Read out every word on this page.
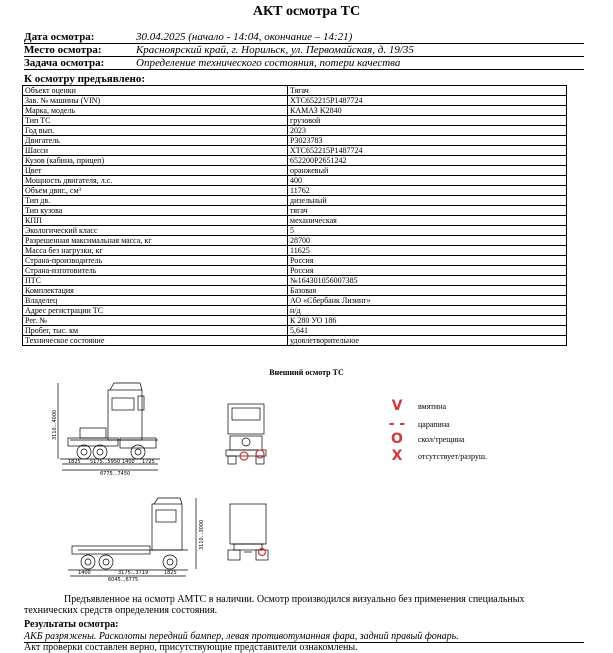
АКТ осмотра ТС
Дата осмотра:	30.04.2025 (начало - 14:04, окончание – 14:21)
Место осмотра:	Красноярский край, г. Норильск, ул. Первомайская, д. 19/35
Задача осмотра:	Определение технического состояния, потери качества
К осмотру предъявлено:
Объект оценки	Тягач
Зав. № машины (VIN)	XTC652215P1487724
Марка, модель	КАМАЗ K2840
Тип ТС	грузовой
Год вып.	2023
Двигатель	P3023783
Шасси	XTC652215P1487724
Кузов (кабина, прицеп)	652200P2651242
Цвет	оранжевый
Мощность двигателя, л.с.	400
Объем двиг., см³	11762
Тип дв.	дизельный
Тип кузова	тягач
КПП	механическая
Экологический класс	5
Разрешенная максимальная масса, кг	28700
Масса без нагрузки, кг	11625
Страна-производитель	Россия
Страна-изготовитель	Россия
ПТС	№164301056007385
Комплектация	Базовая
Владелец	АО «Сбербанк Лизинг»
Адрес регистрации ТС	н/д
Рег. №	К 280 УО 186
Пробег, тыс. км	5,641
Техническое состояние	удовлетворительное
Внешний осмотр ТС
3110...4000
1825 5175...5950 1400 1725
6775...7450
3110...3000
1400	3175...3719	1825
6045...6775
V	вмятина
- -	царапина
O	скол/трещина
X	отсутствует/разруш.
Предъявленное на осмотр АМТС в наличии. Осмотр производился визуально без применения специальных технических средств определения состояния.
Результаты осмотра:
АКБ разряжены. Расколоты передний бампер, левая противотуманная фара, задний правый фонарь.
Акт проверки составлен верно, присутствующие представители ознакомлены.
